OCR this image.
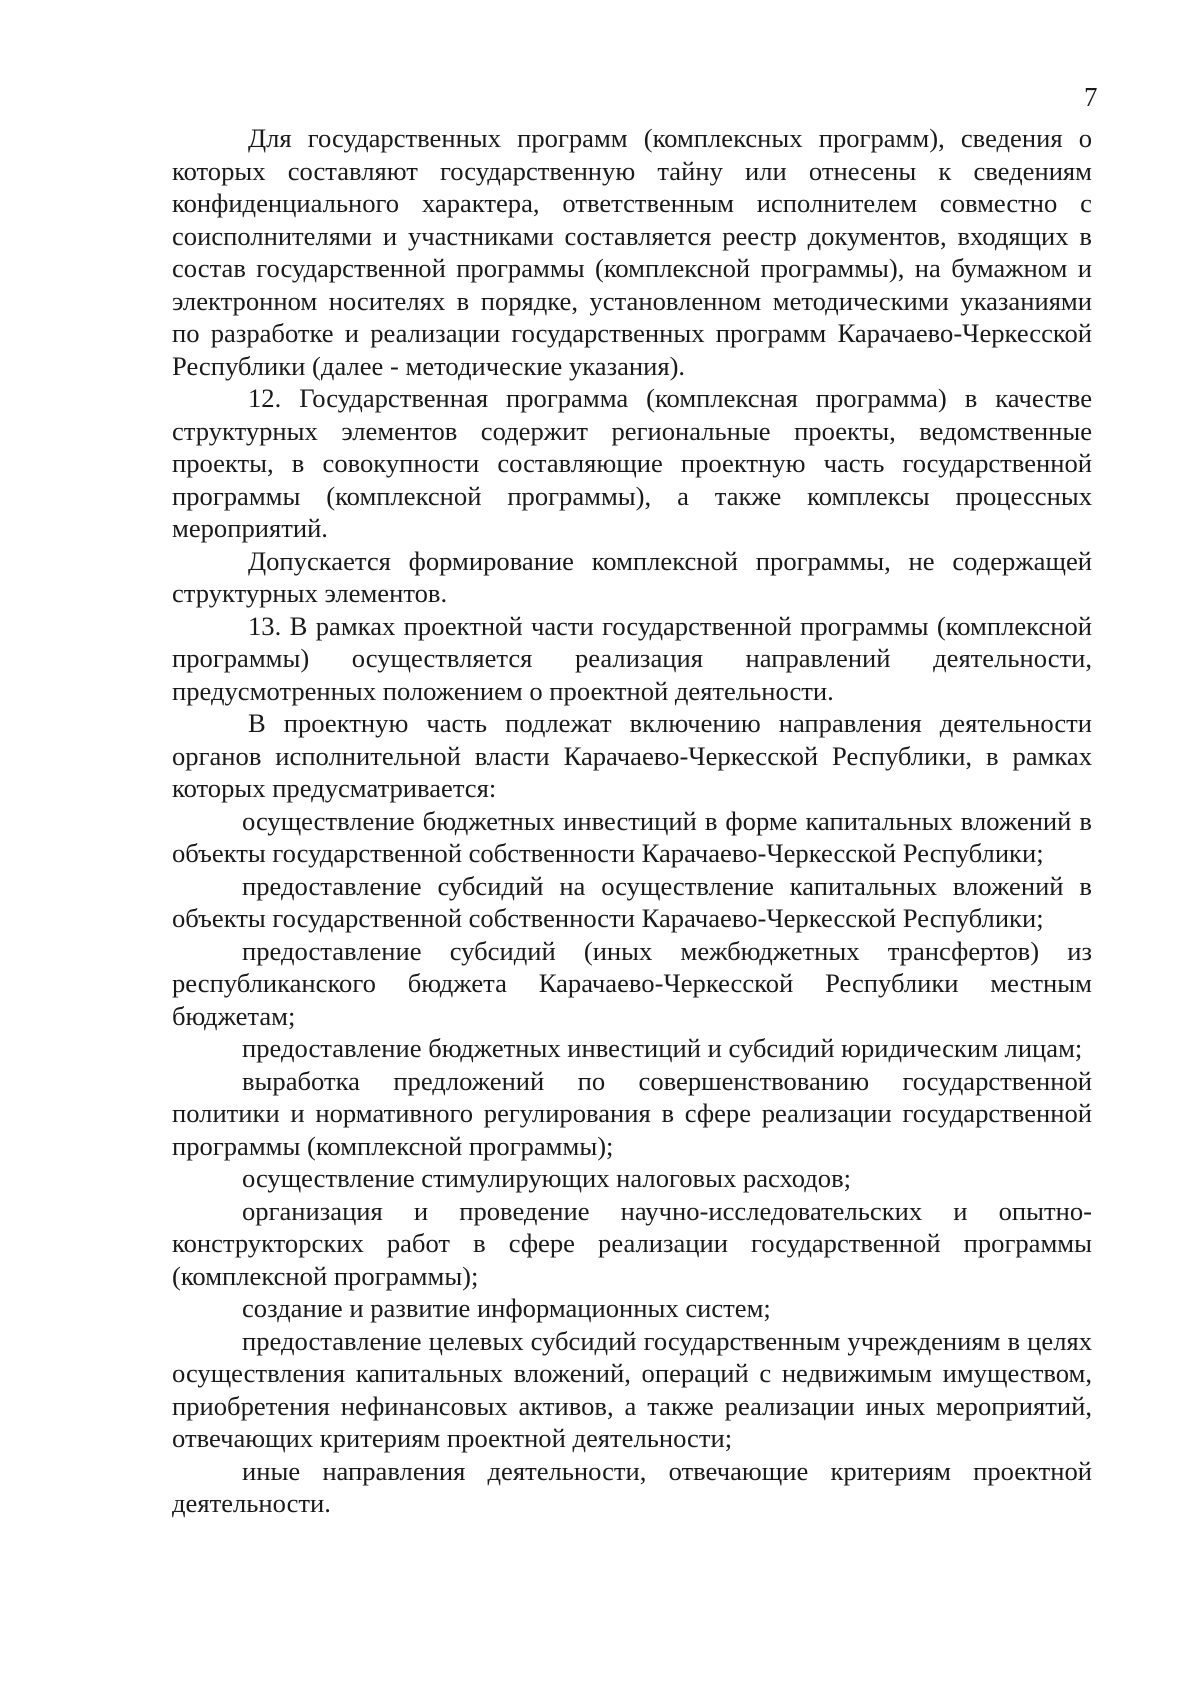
7

Для государственных программ (комплексных программ), сведения о которых составляют государственную тайну или отнесены к сведениям конфиденциального характера, ответственным исполнителем совместно с соисполнителями и участниками составляется реестр документов, входящих в состав государственной программы (комплексной программы), на бумажном и электронном носителях в порядке, установленном методическими указаниями по разработке и реализации государственных программ Карачаево-Черкесской Республики (далее - методические указания).

12. Государственная программа (комплексная программа) в качестве структурных элементов содержит региональные проекты, ведомственные проекты, в совокупности составляющие проектную часть государственной программы (комплексной программы), а также комплексы процессных мероприятий.

Допускается формирование комплексной программы, не содержащей структурных элементов.

13. В рамках проектной части государственной программы (комплексной программы) осуществляется реализация направлений деятельности, предусмотренных положением о проектной деятельности.

В проектную часть подлежат включению направления деятельности органов исполнительной власти Карачаево-Черкесской Республики, в рамках которых предусматривается:

осуществление бюджетных инвестиций в форме капитальных вложений в объекты государственной собственности Карачаево-Черкесской Республики;

предоставление субсидий на осуществление капитальных вложений в объекты государственной собственности Карачаево-Черкесской Республики;

предоставление субсидий (иных межбюджетных трансфертов) из республиканского бюджета Карачаево-Черкесской Республики местным бюджетам;

предоставление бюджетных инвестиций и субсидий юридическим лицам;

выработка предложений по совершенствованию государственной политики и нормативного регулирования в сфере реализации государственной программы (комплексной программы);

осуществление стимулирующих налоговых расходов;

организация и проведение научно-исследовательских и опытно-конструкторских работ в сфере реализации государственной программы (комплексной программы);

создание и развитие информационных систем;

предоставление целевых субсидий государственным учреждениям в целях осуществления капитальных вложений, операций с недвижимым имуществом, приобретения нефинансовых активов, а также реализации иных мероприятий, отвечающих критериям проектной деятельности;

иные направления деятельности, отвечающие критериям проектной деятельности.
